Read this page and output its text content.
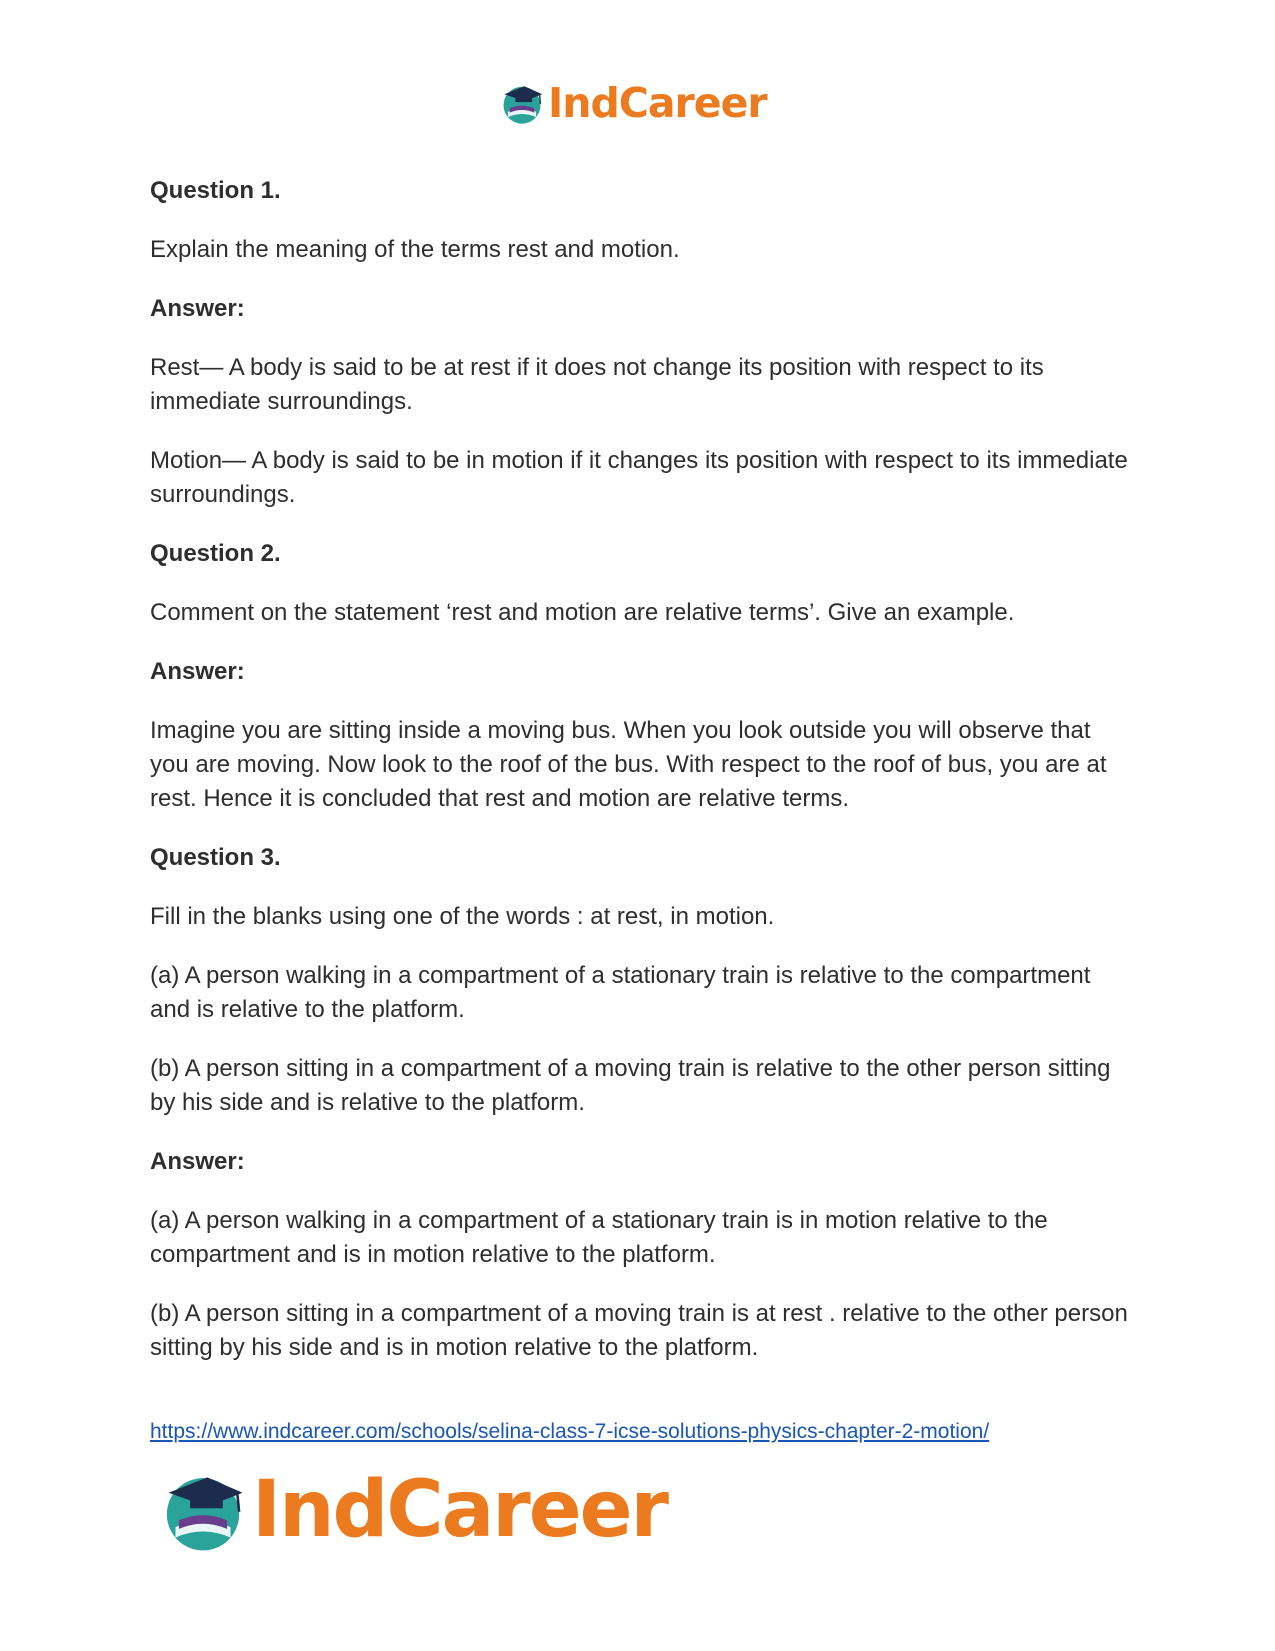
IndCareer

Question 1.

Explain the meaning of the terms rest and motion.

Answer:

Rest— A body is said to be at rest if it does not change its position with respect to its immediate surroundings.

Motion— A body is said to be in motion if it changes its position with respect to its immediate surroundings.

Question 2.

Comment on the statement ‘rest and motion are relative terms’. Give an example.

Answer:

Imagine you are sitting inside a moving bus. When you look outside you will observe that you are moving. Now look to the roof of the bus. With respect to the roof of bus, you are at rest. Hence it is concluded that rest and motion are relative terms.

Question 3.

Fill in the blanks using one of the words : at rest, in motion.

(a) A person walking in a compartment of a stationary train is relative to the compartment and is relative to the platform.

(b) A person sitting in a compartment of a moving train is relative to the other person sitting by his side and is relative to the platform.

Answer:

(a) A person walking in a compartment of a stationary train is in motion relative to the compartment and is in motion relative to the platform.

(b) A person sitting in a compartment of a moving train is at rest . relative to the other person sitting by his side and is in motion relative to the platform.

https://www.indcareer.com/schools/selina-class-7-icse-solutions-physics-chapter-2-motion/
IndCareer
